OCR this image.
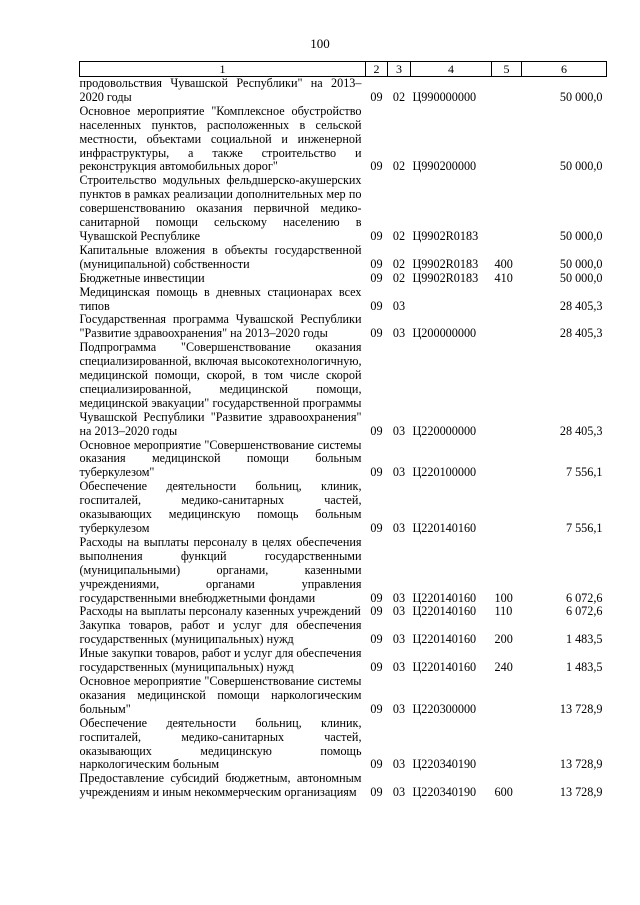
100
1	2	3	4	5	6
продовольствия Чувашской Республики" на 2013–2020 годы	09	02	Ц990000000		50 000,0
Основное мероприятие "Комплексное обустройство населенных пунктов, расположенных в сельской местности, объектами социальной и инженерной инфраструктуры, а также строительство и реконструкция автомобильных дорог"	09	02	Ц990200000		50 000,0
Строительство модульных фельдшерско-акушерских пунктов в рамках реализации дополнительных мер по совершенствованию оказания первичной медико-санитарной помощи сельскому населению в Чувашской Республике	09	02	Ц9902R0183		50 000,0
Капитальные вложения в объекты государственной (муниципальной) собственности	09	02	Ц9902R0183	400	50 000,0
Бюджетные инвестиции	09	02	Ц9902R0183	410	50 000,0
Медицинская помощь в дневных стационарах всех типов	09	03			28 405,3
Государственная программа Чувашской Республики "Развитие здравоохранения" на 2013–2020 годы	09	03	Ц200000000		28 405,3
Подпрограмма "Совершенствование оказания специализированной, включая высокотехнологичную, медицинской помощи, скорой, в том числе скорой специализированной, медицинской помощи, медицинской эвакуации" государственной программы Чувашской Республики "Развитие здравоохранения" на 2013–2020 годы	09	03	Ц220000000		28 405,3
Основное мероприятие "Совершенствование системы оказания медицинской помощи больным туберкулезом"	09	03	Ц220100000		7 556,1
Обеспечение деятельности больниц, клиник, госпиталей, медико-санитарных частей, оказывающих медицинскую помощь больным туберкулезом	09	03	Ц220140160		7 556,1
Расходы на выплаты персоналу в целях обеспечения выполнения функций государственными (муниципальными) органами, казенными учреждениями, органами управления государственными внебюджетными фондами	09	03	Ц220140160	100	6 072,6
Расходы на выплаты персоналу казенных учреждений	09	03	Ц220140160	110	6 072,6
Закупка товаров, работ и услуг для обеспечения государственных (муниципальных) нужд	09	03	Ц220140160	200	1 483,5
Иные закупки товаров, работ и услуг для обеспечения государственных (муниципальных) нужд	09	03	Ц220140160	240	1 483,5
Основное мероприятие "Совершенствование системы оказания медицинской помощи наркологическим больным"	09	03	Ц220300000		13 728,9
Обеспечение деятельности больниц, клиник, госпиталей, медико-санитарных частей, оказывающих медицинскую помощь наркологическим больным	09	03	Ц220340190		13 728,9
Предоставление субсидий бюджетным, автономным учреждениям и иным некоммерческим организациям	09	03	Ц220340190	600	13 728,9
